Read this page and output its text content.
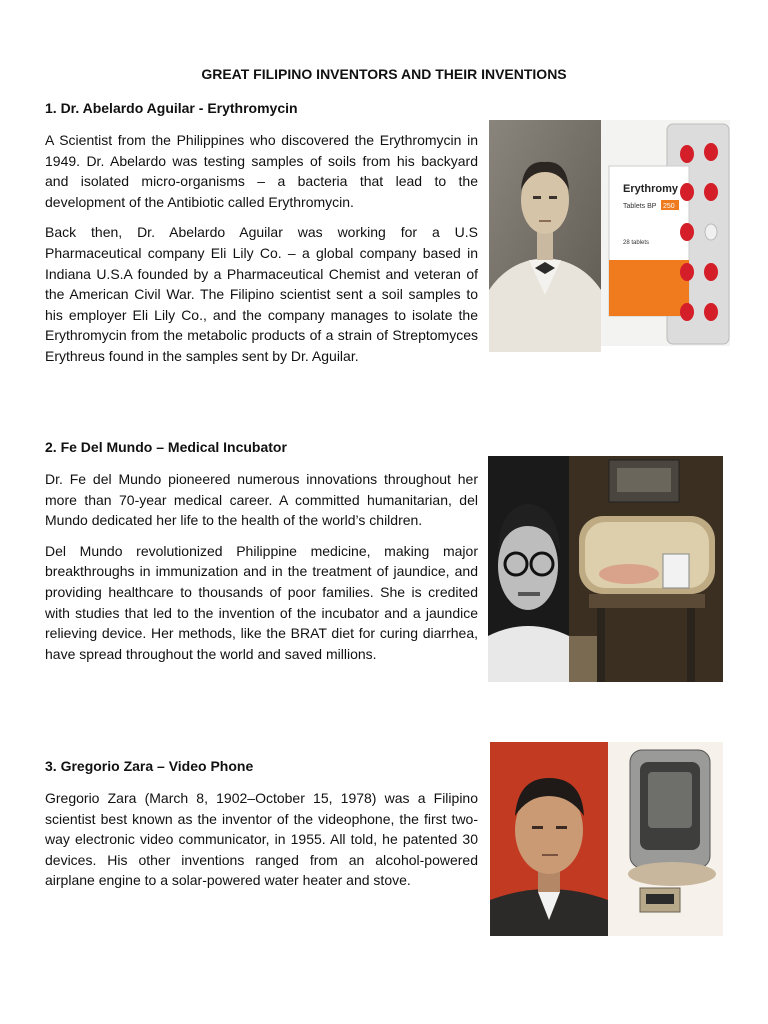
GREAT FILIPINO INVENTORS AND THEIR INVENTIONS
1. Dr. Abelardo Aguilar - Erythromycin

A Scientist from the Philippines who discovered the Erythromycin in 1949. Dr. Abelardo was testing samples of soils from his backyard and isolated micro-organisms – a bacteria that lead to the development of the Antibiotic called Erythromycin.

Back then, Dr. Abelardo Aguilar was working for a U.S Pharmaceutical company Eli Lily Co. – a global company based in Indiana U.S.A founded by a Pharmaceutical Chemist and veteran of the American Civil War. The Filipino scientist sent a soil samples to his employer Eli Lily Co., and the company manages to isolate the Erythromycin from the metabolic products of a strain of Streptomyces Erythreus found in the samples sent by Dr. Aguilar.

Erythromy
Tablets BP 250
28 tablets
2. Fe Del Mundo – Medical Incubator

Dr. Fe del Mundo pioneered numerous innovations throughout her more than 70-year medical career. A committed humanitarian, del Mundo dedicated her life to the health of the world’s children.

Del Mundo revolutionized Philippine medicine, making major breakthroughs in immunization and in the treatment of jaundice, and providing healthcare to thousands of poor families. She is credited with studies that led to the invention of the incubator and a jaundice relieving device. Her methods, like the BRAT diet for curing diarrhea, have spread throughout the world and saved millions.

3. Gregorio Zara – Video Phone

Gregorio Zara (March 8, 1902–October 15, 1978) was a Filipino scientist best known as the inventor of the videophone, the first two-way electronic video communicator, in 1955. All told, he patented 30 devices. His other inventions ranged from an alcohol-powered airplane engine to a solar-powered water heater and stove.
